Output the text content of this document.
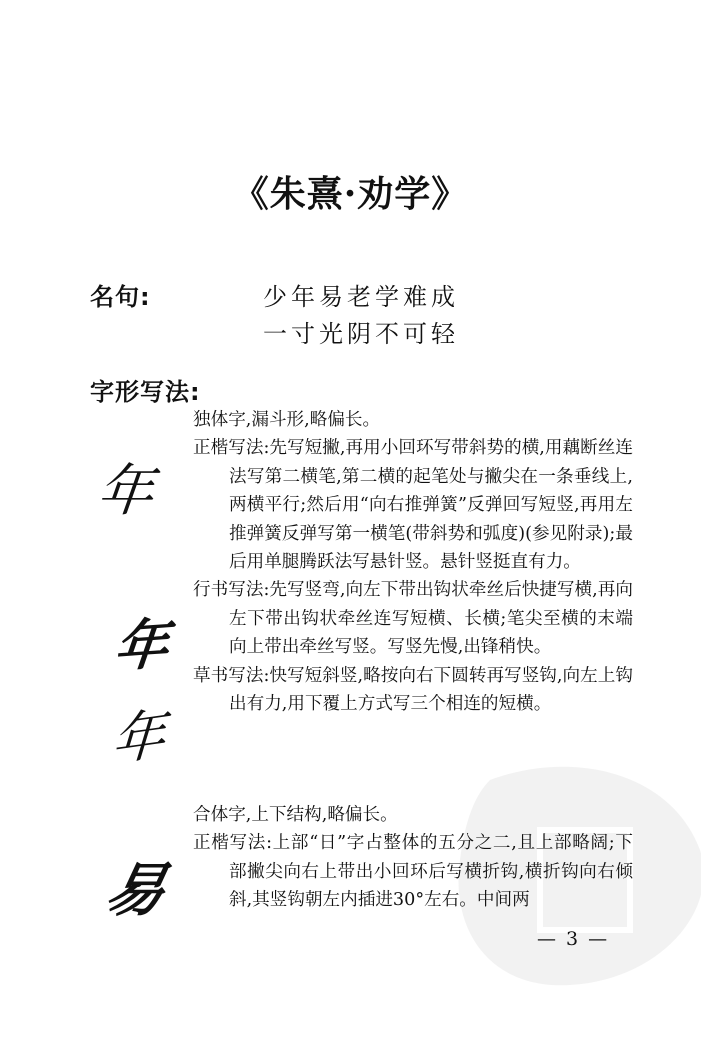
《朱熹·劝学》
名句:	少年易老学难成
一寸光阴不可轻
字形写法:
年
年
年
易

独体字,漏斗形,略偏长。

正楷写法:先写短撇,再用小回环写带斜势的横,用藕断丝连法写第二横笔,第二横的起笔处与撇尖在一条垂线上,两横平行;然后用“向右推弹簧”反弹回写短竖,再用左推弹簧反弹写第一横笔(带斜势和弧度)(参见附录);最后用单腿腾跃法写悬针竖。悬针竖挺直有力。

行书写法:先写竖弯,向左下带出钩状牵丝后快捷写横,再向左下带出钩状牵丝连写短横、长横;笔尖至横的末端向上带出牵丝写竖。写竖先慢,出锋稍快。

草书写法:快写短斜竖,略按向右下圆转再写竖钩,向左上钩出有力,用下覆上方式写三个相连的短横。

合体字,上下结构,略偏长。

正楷写法:上部“日”字占整体的五分之二,且上部略阔;下部撇尖向右上带出小回环后写横折钩,横折钩向右倾斜,其竖钩朝左内插进30°左右。中间两

— 3 —
